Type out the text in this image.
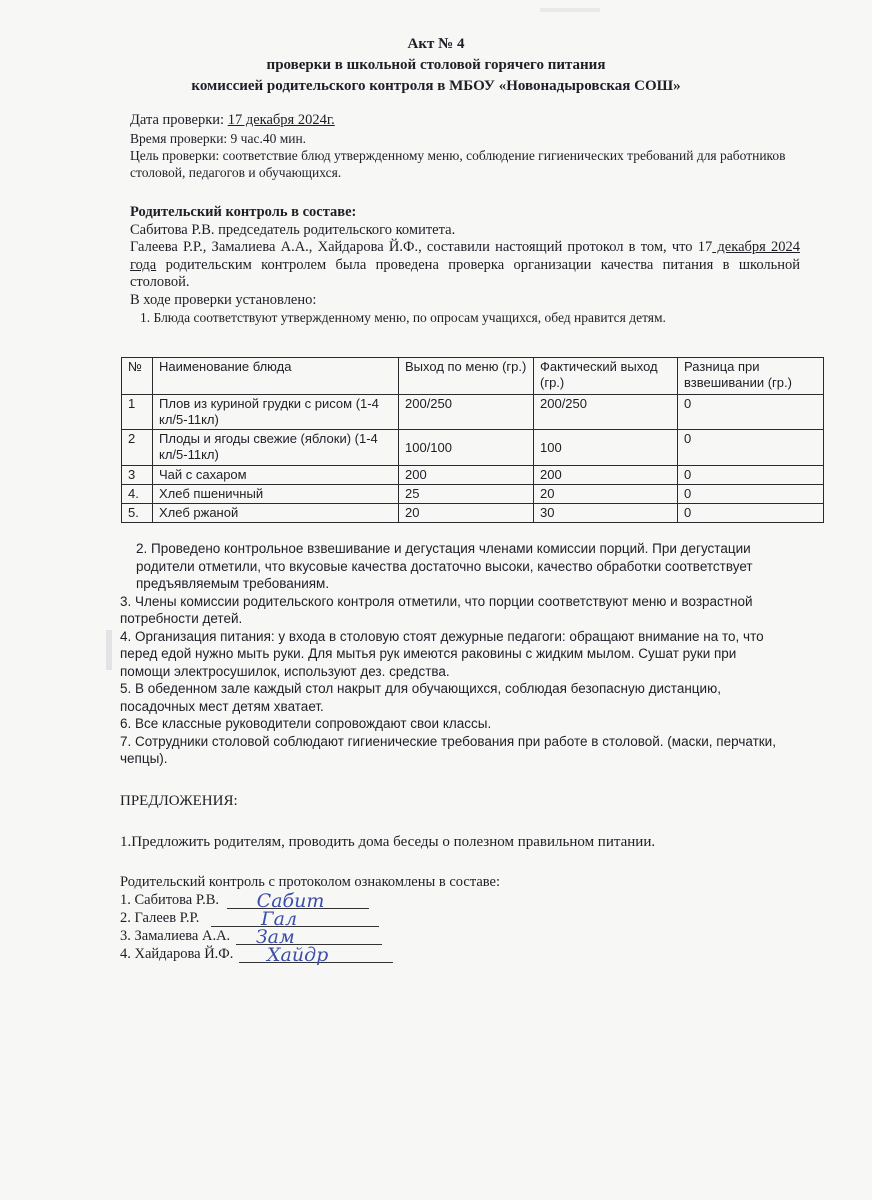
Акт № 4
проверки в школьной столовой горячего питания
комиссией родительского контроля в МБОУ «Новонадыровская СОШ»
Дата проверки: 17 декабря 2024г.
Время проверки: 9 час.40 мин.
Цель проверки: соответствие блюд утвержденному меню, соблюдение гигиенических требований для работников столовой, педагогов и обучающихся.
Родительский контроль в составе:
Сабитова Р.В. председатель родительского комитета.
Галеева Р.Р., Замалиева А.А., Хайдарова Й.Ф., составили настоящий протокол в том, что 17 декабря 2024 года родительским контролем была проведена проверка организации качества питания в школьной столовой.
В ходе проверки установлено:
1. Блюда соответствуют утвержденному меню, по опросам учащихся, обед нравится детям.
№	Наименование блюда	Выход по меню (гр.)	Фактический выход (гр.)	Разница при взвешивании (гр.)
1	Плов из куриной грудки с рисом (1-4 кл/5-11кл)	200/250	200/250	0
2	Плоды и ягоды свежие (яблоки) (1-4 кл/5-11кл)	100/100	100	0
3	Чай с сахаром	200	200	0
4.	Хлеб пшеничный	25	20	0
5.	Хлеб ржаной	20	30	0
2. Проведено контрольное взвешивание и дегустация членами комиссии порций. При дегустации родители отметили, что вкусовые качества достаточно высоки, качество обработки соответствует предъявляемым требованиям.
3. Члены комиссии родительского контроля отметили, что порции соответствуют меню и возрастной потребности детей.
4. Организация питания: у входа в столовую стоят дежурные педагоги: обращают внимание на то, что перед едой нужно мыть руки. Для мытья рук имеются раковины с жидким мылом. Сушат руки при помощи электросушилок, используют дез. средства.
5. В обеденном зале каждый стол накрыт для обучающихся, соблюдая безопасную дистанцию, посадочных мест детям хватает.
6. Все классные руководители сопровождают свои классы.
7. Сотрудники столовой соблюдают гигиенические требования при работе в столовой. (маски, перчатки, чепцы).
ПРЕДЛОЖЕНИЯ:
1.Предложить родителям, проводить дома беседы о полезном правильном питании.
Родительский контроль с протоколом ознакомлены в составе:
1. Сабитова Р.В. Сабит
2. Галеев Р.Р.	Гал
3. Замалиева А.А. Зам
4. Хайдарова Й.Ф. Хайдр
